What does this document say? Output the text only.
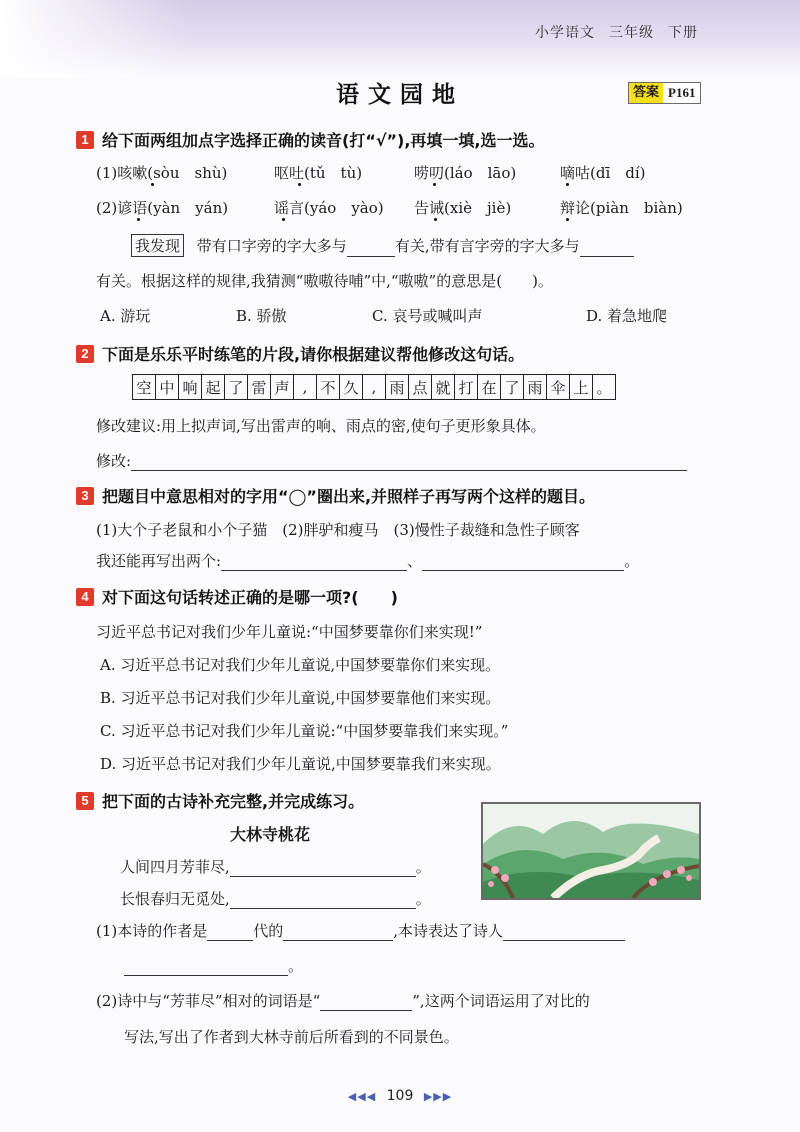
小学语文 三年级 下册
语文园地	答案 P161
1 给下面两组加点字选择正确的读音(打“√”),再填一填,选一选。
(1)咳嗽(sòu　shù)	呕吐(tǔ　tù)	唠叨(láo　lāo)	嘀咕(dī　dí)
(2)谚语(yàn　yán)	谣言(yáo　yào) 告诫(xiè　jiè)	辩论(piàn　biàn)
我发现 带有口字旁的字大多与	有关,带有言字旁的字大多与
有关。根据这样的规律,我猜测“嗷嗷待哺”中,“嗷嗷”的意思是(　　)。
A. 游玩	B. 骄傲	C. 哀号或喊叫声	D. 着急地爬
2 下面是乐乐平时练笔的片段,请你根据建议帮他修改这句话。
空 中 响 起 了 雷 声 , 不 久 , 雨 点 就 打 在 了 雨 伞 上 。
修改建议:用上拟声词,写出雷声的响、雨点的密,使句子更形象具体。
修改:
3 把题目中意思相对的字用“◯”圈出来,并照样子再写两个这样的题目。
(1)大个子老鼠和小个子猫　(2)胖驴和瘦马　(3)慢性子裁缝和急性子顾客
我还能再写出两个:	、	。
4 对下面这句话转述正确的是哪一项?(　　)
习近平总书记对我们少年儿童说:“中国梦要靠你们来实现!”
A. 习近平总书记对我们少年儿童说,中国梦要靠你们来实现。
B. 习近平总书记对我们少年儿童说,中国梦要靠他们来实现。
C. 习近平总书记对我们少年儿童说:“中国梦要靠我们来实现。”
D. 习近平总书记对我们少年儿童说,中国梦要靠我们来实现。
5 把下面的古诗补充完整,并完成练习。
大林寺桃花
人间四月芳菲尽,	。
长恨春归无觅处,	。
(1)本诗的作者是	代的	,本诗表达了诗人
。
(2)诗中与“芳菲尽”相对的词语是“	”,这两个词语运用了对比的
写法,写出了作者到大林寺前后所看到的不同景色。
◀◀◀ 109 ▶▶▶
